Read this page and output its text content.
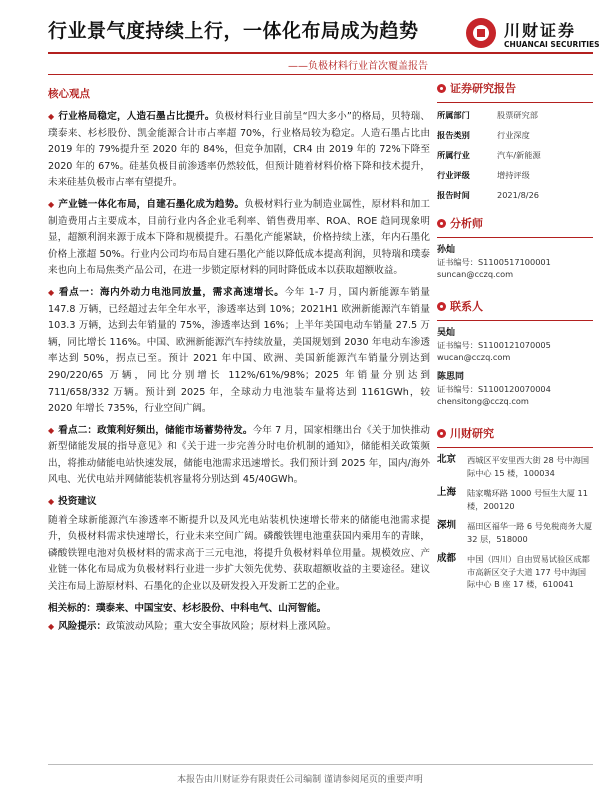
行业景气度持续上行，一体化布局成为趋势	川财证券
CHUANCAI SECURITIES
——负极材料行业首次覆盖报告
核心观点

◆ 行业格局稳定，人造石墨占比提升。负极材料行业目前呈“四大多小”的格局，贝特瑞、璞泰来、杉杉股份、凯金能源合计市占率超 70%，行业格局较为稳定。人造石墨占比由 2019 年的 79%提升至 2020 年的 84%，但竞争加剧，CR4 由 2019 年的 72%下降至 2020 年的 67%。硅基负极目前渗透率仍然较低，但预计随着材料价格下降和技术提升，未来硅基负极市占率有望提升。

◆ 产业链一体化布局，自建石墨化成为趋势。负极材料行业为制造业属性，原材料和加工制造费用占主要成本，目前行业内各企业毛利率、销售费用率、ROA、ROE 趋同现象明显，超额利润来源于成本下降和规模提升。石墨化产能紧缺，价格持续上涨，年内石墨化价格上涨超 50%。行业内公司均布局自建石墨化产能以降低成本提高利润，贝特瑞和璞泰来也向上布局焦类产品公司，在进一步锁定原材料的同时降低成本以获取超额收益。

◆ 看点一：海内外动力电池同放量，需求高速增长。今年 1-7 月，国内新能源车销量 147.8 万辆，已经超过去年全年水平，渗透率达到 10%；2021H1 欧洲新能源汽车销量 103.3 万辆，达到去年销量的 75%，渗透率达到 16%；上半年美国电动车销量 27.5 万辆，同比增长 116%。中国、欧洲新能源汽车持续放量，美国规划到 2030 年电动车渗透率达到 50%，拐点已至。预计 2021 年中国、欧洲、美国新能源汽车销量分别达到 290/220/65 万辆，同比分别增长 112%/61%/98%；2025 年销量分别达到 711/658/332 万辆。预计到 2025 年，全球动力电池装车量将达到 1161GWh，较 2020 年增长 735%，行业空间广阔。

◆ 看点二：政策利好频出，储能市场蓄势待发。今年 7 月，国家相继出台《关于加快推动新型储能发展的指导意见》和《关于进一步完善分时电价机制的通知》，储能相关政策频出，将推动储能电站快速发展，储能电池需求迅速增长。我们预计到 2025 年，国内/海外风电、光伏电站并网储能装机容量将分别达到 45/40GWh。

◆ 投资建议

随着全球新能源汽车渗透率不断提升以及风光电站装机快速增长带来的储能电池需求提升，负极材料需求快速增长，行业未来空间广阔。磷酸铁锂电池重获国内乘用车的青睐，磷酸铁锂电池对负极材料的需求高于三元电池，将提升负极材料单位用量。规模效应、产业链一体化布局成为负极材料行业进一步扩大领先优势、获取超额收益的主要途径。建议关注布局上游原材料、石墨化的企业以及研发投入开发新工艺的企业。

相关标的：璞泰来、中国宝安、杉杉股份、中科电气、山河智能。

◆ 风险提示：政策波动风险；重大安全事故风险；原材料上涨风险。

证券研究报告
所属部门	股票研究部
报告类别	行业深度
所属行业	汽车/新能源
行业评级	增持评级
报告时间	2021/8/26
分析师
孙灿
证书编号：S1100517100001
suncan@cczq.com
联系人
吴灿
证书编号：S1100121070005
wucan@cczq.com
陈思同
证书编号：S1100120070004
chensitong@cczq.com
川财研究
北京	西城区平安里西大街 28 号中海国际中心 15 楼，100034
上海	陆家嘴环路 1000 号恒生大厦 11 楼，200120
深圳	福田区福华一路 6 号免税商务大厦 32 层，518000
成都	中国（四川）自由贸易试验区成都市高新区交子大道 177 号中海国际中心 B 座 17 楼，610041
本报告由川财证券有限责任公司编制 谨请参阅尾页的重要声明
